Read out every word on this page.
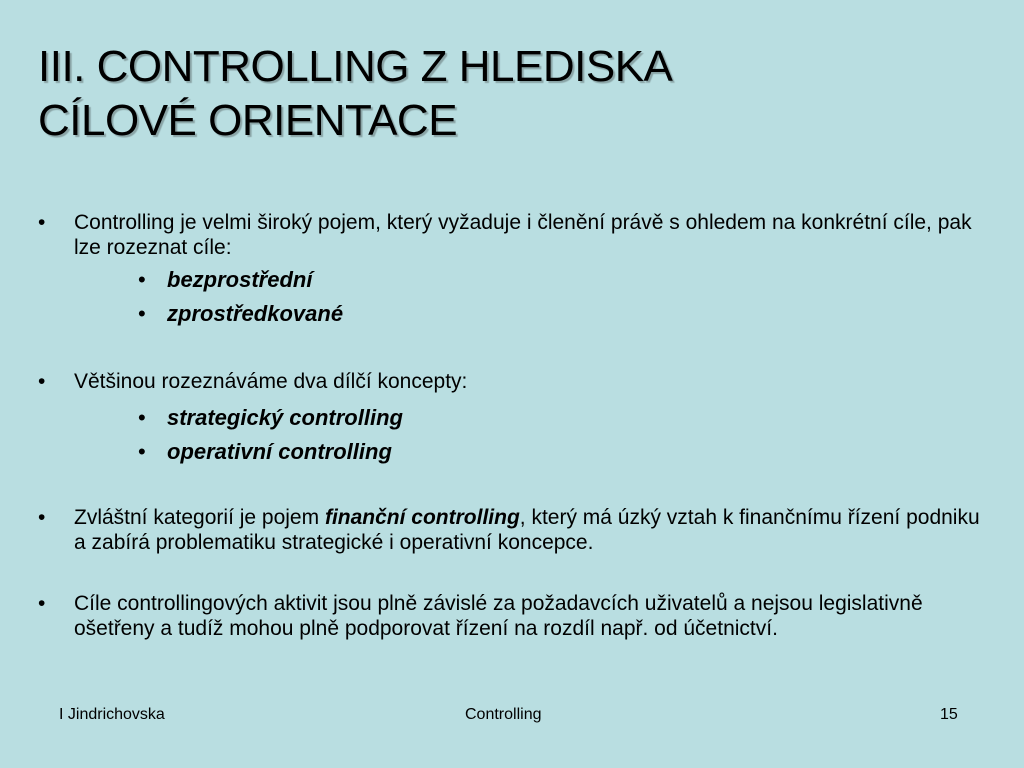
III. CONTROLLING Z HLEDISKA
CÍLOVÉ ORIENTACE
• Controlling je velmi široký pojem, který vyžaduje i členění právě s ohledem na konkrétní cíle, pak lze rozeznat cíle:
• bezprostřední
• zprostředkované
• Většinou rozeznáváme dva dílčí koncepty:
• strategický controlling
• operativní controlling
• Zvláštní kategorií je pojem finanční controlling, který má úzký vztah k finančnímu řízení podniku a zabírá problematiku strategické i operativní koncepce.
• Cíle controllingových aktivit jsou plně závislé za požadavcích uživatelů a nejsou legislativně ošetřeny a tudíž mohou plně podporovat řízení na rozdíl např. od účetnictví.
I Jindrichovska	Controlling	15
